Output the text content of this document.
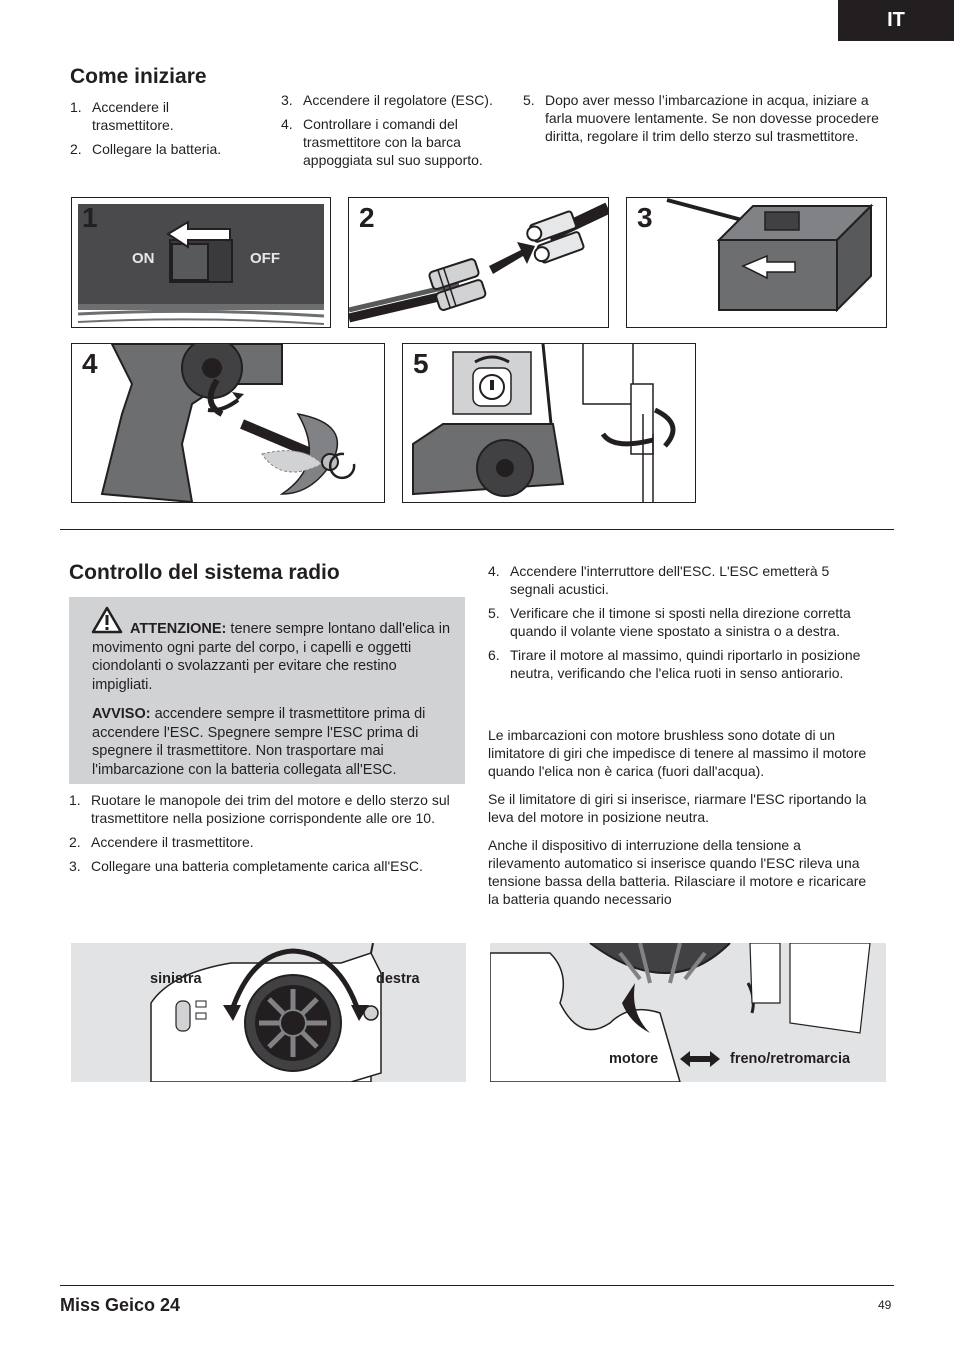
IT
Come iniziare
1. Accendere il trasmettitore.
2. Collegare la batteria.
3. Accendere il regolatore (ESC).
4. Controllare i comandi del trasmettitore con la barca appoggiata sul suo supporto.
5. Dopo aver messo l’imbarcazione in acqua, iniziare a farla muovere lentamente. Se non dovesse procedere diritta, regolare il trim dello sterzo sul trasmettitore.
1
ON	OFF
2	3
4	5
Controllo del sistema radio

ATTENZIONE: tenere sempre lontano dall'elica in movimento ogni parte del corpo, i capelli e oggetti ciondolanti o svolazzanti per evitare che restino impigliati.

AVVISO: accendere sempre il trasmettitore prima di accendere l'ESC. Spegnere sempre l'ESC prima di spegnere il trasmettitore. Non trasportare mai l'imbarcazione con la batteria collegata all'ESC.

1. Ruotare le manopole dei trim del motore e dello sterzo sul trasmettitore nella posizione corrispondente alle ore 10.
2. Accendere il trasmettitore.
3. Collegare una batteria completamente carica all'ESC.
4. Accendere l'interruttore dell'ESC. L'ESC emetterà 5 segnali acustici.
5. Verificare che il timone si sposti nella direzione corretta quando il volante viene spostato a sinistra o a destra.
6. Tirare il motore al massimo, quindi riportarlo in posizione neutra, verificando che l'elica ruoti in senso antiorario.

Le imbarcazioni con motore brushless sono dotate di un limitatore di giri che impedisce di tenere al massimo il motore quando l'elica non è carica (fuori dall'acqua).

Se il limitatore di giri si inserisce, riarmare l'ESC riportando la leva del motore in posizione neutra.

Anche il dispositivo di interruzione della tensione a rilevamento automatico si inserisce quando l'ESC rileva una tensione bassa della batteria. Rilasciare il motore e ricaricare la batteria quando necessario

sinistra	destra
motore	freno/retromarcia
Miss Geico 24	49
